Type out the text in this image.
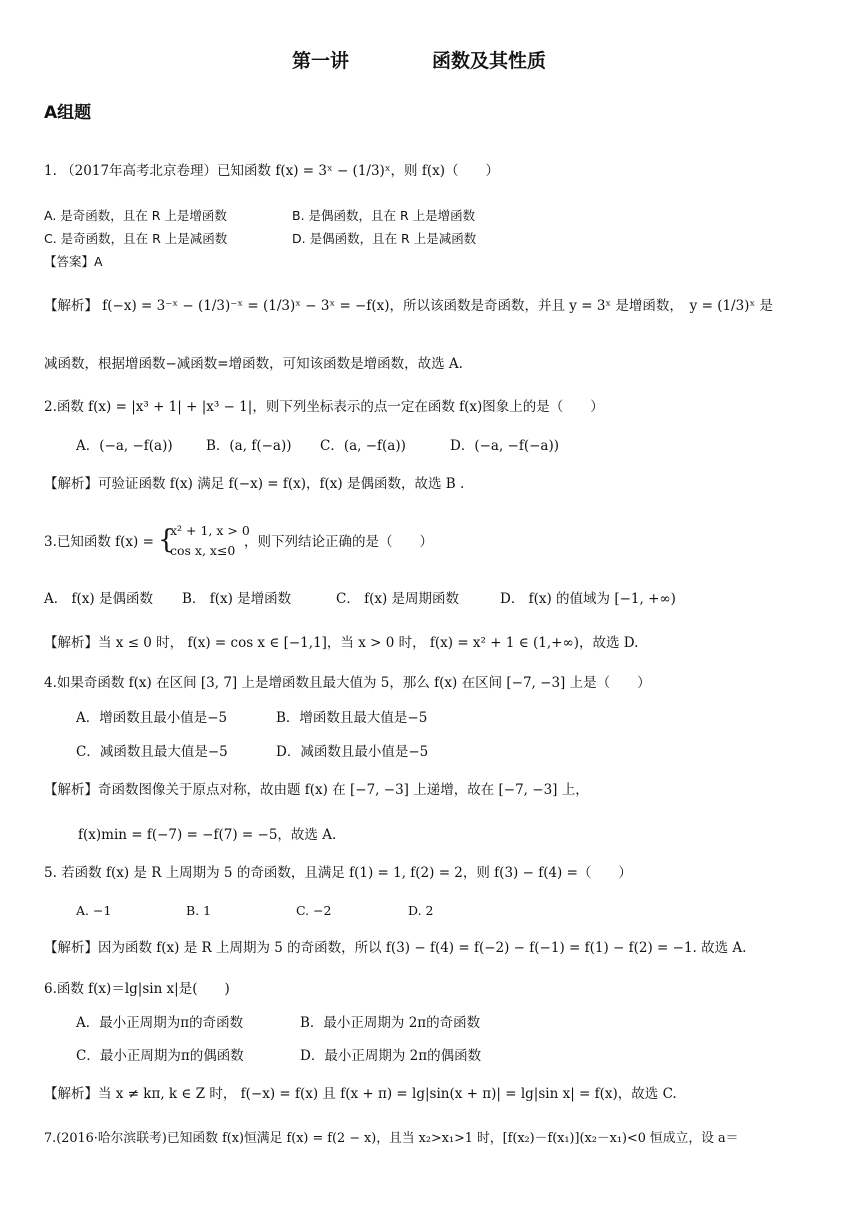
第一讲	函数及其性质
A组题
1. （2017年高考北京卷理）已知函数 f(x) = 3ˣ − (1/3)ˣ，则 f(x)（　　）
A. 是奇函数，且在 R 上是增函数	B. 是偶函数，且在 R 上是增函数
C. 是奇函数，且在 R 上是减函数	D. 是偶函数，且在 R 上是减函数
【答案】A
【解析】 f(−x) = 3⁻ˣ − (1/3)⁻ˣ = (1/3)ˣ − 3ˣ = −f(x)，所以该函数是奇函数，并且 y = 3ˣ 是增函数，　y = (1/3)ˣ 是
减函数，根据增函数−减函数=增函数，可知该函数是增函数，故选 A.
2.函数 f(x) = |x³ + 1| + |x³ − 1|，则下列坐标表示的点一定在函数 f(x)图象上的是（　　）
A．(−a, −f(a)) B．(a, f(−a)) C．(a, −f(a))	D．(−a, −f(−a))
【解析】可验证函数 f(x) 满足 f(−x) = f(x)，f(x) 是偶函数，故选 B .
3.已知函数 f(x) = {
x² + 1, x > 0
cos x, x≤0
，则下列结论正确的是（　　）
A． f(x) 是偶函数 B． f(x) 是增函数	C． f(x) 是周期函数	D． f(x) 的值域为 [−1, +∞)
【解析】当 x ≤ 0 时， f(x) = cos x ∈ [−1,1]，当 x > 0 时， f(x) = x² + 1 ∈ (1,+∞)，故选 D.
4.如果奇函数 f(x) 在区间 [3, 7] 上是增函数且最大值为 5，那么 f(x) 在区间 [−7, −3] 上是（　　）
A．增函数且最小值是−5	B．增函数且最大值是−5
C．减函数且最大值是−5	D．减函数且最小值是−5
【解析】奇函数图像关于原点对称，故由题 f(x) 在 [−7, −3] 上递增，故在 [−7, −3] 上，
f(x)min = f(−7) = −f(7) = −5，故选 A.
5. 若函数 f(x) 是 R 上周期为 5 的奇函数，且满足 f(1) = 1, f(2) = 2，则 f(3) − f(4) =（　　）
A. −1	B. 1	C. −2	D. 2
【解析】因为函数 f(x) 是 R 上周期为 5 的奇函数，所以 f(3) − f(4) = f(−2) − f(−1) = f(1) − f(2) = −1. 故选 A.
6.函数 f(x)＝lg|sin x|是(　　)
A．最小正周期为π的奇函数	B．最小正周期为 2π的奇函数
C．最小正周期为π的偶函数	D．最小正周期为 2π的偶函数
【解析】当 x ≠ kπ, k ∈ Z 时， f(−x) = f(x) 且 f(x + π) = lg|sin(x + π)| = lg|sin x| = f(x)，故选 C.
7.(2016·哈尔滨联考)已知函数 f(x)恒满足 f(x) = f(2 − x)，且当 x₂>x₁>1 时，[f(x₂)－f(x₁)](x₂－x₁)<0 恒成立，设 a＝
